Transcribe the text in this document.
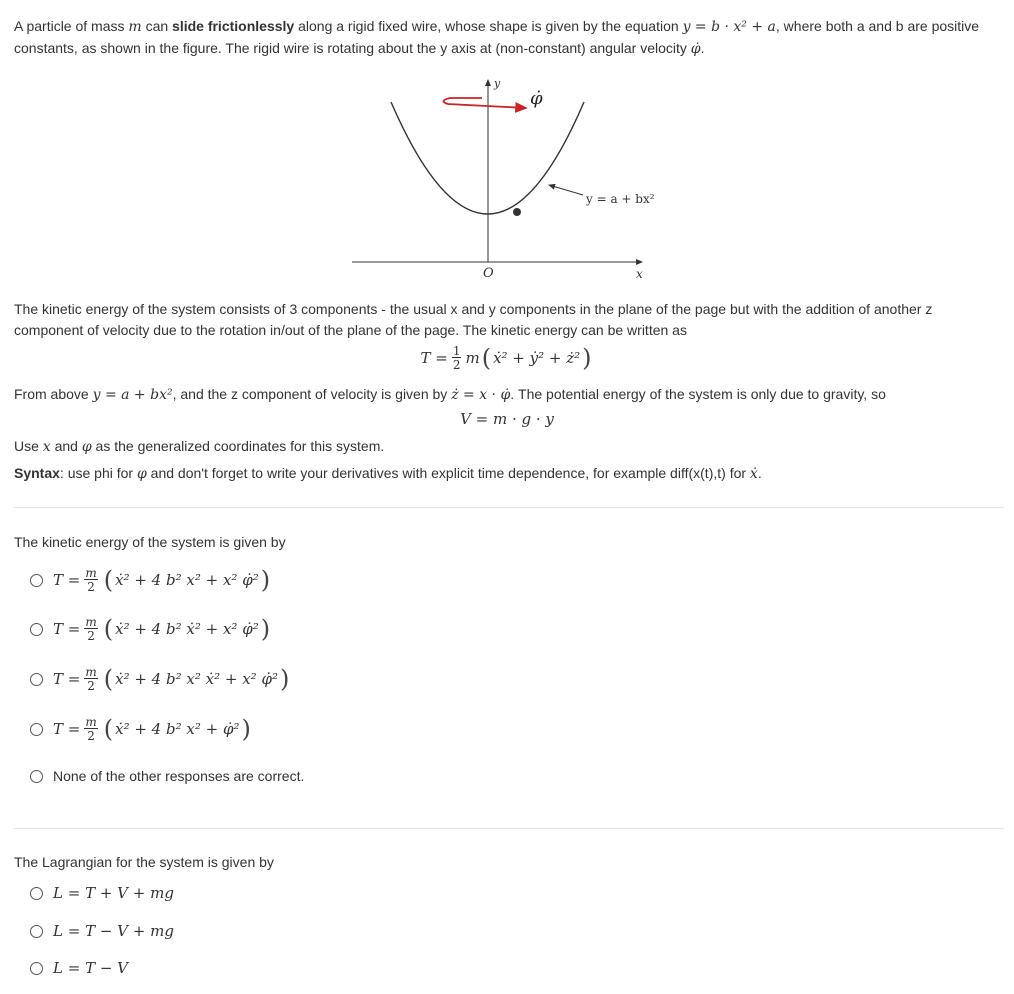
A particle of mass m can slide frictionlessly along a rigid fixed wire, whose shape is given by the equation y = b · x² + a, where both a and b are positive

constants, as shown in the figure. The rigid wire is rotating about the y axis at (non-constant) angular velocity φ̇.

y
x
O
φ̇
y = a + bx²

The kinetic energy of the system consists of 3 components - the usual x and y components in the plane of the page but with the addition of another z

component of velocity due to the rotation in/out of the plane of the page. The kinetic energy can be written as

$T = \frac{1}{2}$ m ( ẋ² + ẏ² + ż² )

From above y = a + bx², and the z component of velocity is given by ż = x · φ̇. The potential energy of the system is only due to gravity, so

V = m · g · y

Use x and φ as the generalized coordinates for this system.

Syntax: use phi for φ and don't forget to write your derivatives with explicit time dependence, for example diff(x(t),t) for ẋ.

The kinetic energy of the system is given by

$T = \frac{m}{2}$ ( ẋ² + 4 b² x² + x² φ̇² )
$T = \frac{m}{2}$ ( ẋ² + 4 b² ẋ² + x² φ̇² )
$T = \frac{m}{2}$ ( ẋ² + 4 b² x² ẋ² + x² φ̇² )
$T = \frac{m}{2}$ ( ẋ² + 4 b² x² + φ̇² )
None of the other responses are correct.

The Lagrangian for the system is given by

L = T + V + mg
L = T − V + mg
L = T − V
